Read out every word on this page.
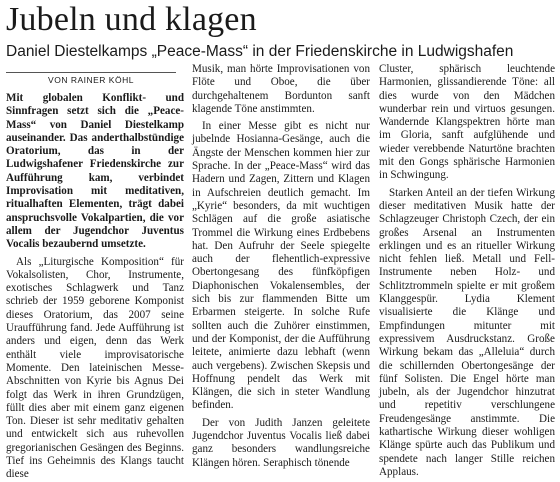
Jubeln und klagen
Daniel Diestelkamps „Peace-Mass“ in der Friedenskirche in Ludwigshafen
VON RAINER KÖHL

Mit globalen Konflikt- und Sinnfragen setzt sich die „Peace-Mass“ von Daniel Diestelkamp auseinander. Das anderthalbstündige Oratorium, das in der Ludwigshafener Friedenskirche zur Aufführung kam, verbindet Improvisation mit meditativen, ritualhaften Elementen, trägt dabei anspruchsvolle Vokalpartien, die vor allem der Jugendchor Juventus Vocalis bezaubernd umsetzte.

Als „Liturgische Komposition“ für Vokalsolisten, Chor, Instrumente, exotisches Schlagwerk und Tanz schrieb der 1959 geborene Komponist dieses Oratorium, das 2007 seine Uraufführung fand. Jede Aufführung ist anders und eigen, denn das Werk enthält viele improvisatorische Momente. Den lateinischen Messe-Abschnitten von Kyrie bis Agnus Dei folgt das Werk in ihren Grundzügen, füllt dies aber mit einem ganz eigenen Ton. Dieser ist sehr meditativ gehalten und entwickelt sich aus ruhevollen gregorianischen Gesängen des Beginns. Tief ins Geheimnis des Klangs taucht diese

Musik, man hörte Improvisationen von Flöte und Oboe, die über durchgehaltenem Bordunton sanft klagende Töne anstimmten.

In einer Messe gibt es nicht nur jubelnde Hosianna-Gesänge, auch die Ängste der Menschen kommen hier zur Sprache. In der „Peace-Mass“ wird das Hadern und Zagen, Zittern und Klagen in Aufschreien deutlich gemacht. Im „Kyrie“ besonders, da mit wuchtigen Schlägen auf die große asiatische Trommel die Wirkung eines Erdbebens hat. Den Aufruhr der Seele spiegelte auch der flehentlich-expressive Obertongesang des fünfköpfigen Diaphonischen Vokalensembles, der sich bis zur flammenden Bitte um Erbarmen steigerte. In solche Rufe sollten auch die Zuhörer einstimmen, und der Komponist, der die Aufführung leitete, animierte dazu lebhaft (wenn auch vergebens). Zwischen Skepsis und Hoffnung pendelt das Werk mit Klängen, die sich in steter Wandlung befinden.

Der von Judith Janzen geleitete Jugendchor Juventus Vocalis ließ dabei ganz besonders wandlungsreiche Klängen hören. Seraphisch tönende

Cluster, sphärisch leuchtende Harmonien, glissandierende Töne: all dies wurde von den Mädchen wunderbar rein und virtuos gesungen. Wandernde Klangspektren hörte man im Gloria, sanft aufglühende und wieder verebbende Naturtöne brachten mit den Gongs sphärische Harmonien in Schwingung.

Starken Anteil an der tiefen Wirkung dieser meditativen Musik hatte der Schlagzeuger Christoph Czech, der ein großes Arsenal an Instrumenten erklingen und es an ritueller Wirkung nicht fehlen ließ. Metall und Fell-Instrumente neben Holz- und Schlitztrommeln spielte er mit großem Klanggespür. Lydia Klement visualisierte die Klänge und Empfindungen mitunter mit expressivem Ausdruckstanz. Große Wirkung bekam das „Alleluia“ durch die schillernden Obertongesänge der fünf Solisten. Die Engel hörte man jubeln, als der Jugendchor hinzutrat und repetitiv verschlungene Freudengesänge anstimmte. Die kathartische Wirkung dieser wohligen Klänge spürte auch das Publikum und spendete nach langer Stille reichen Applaus.
